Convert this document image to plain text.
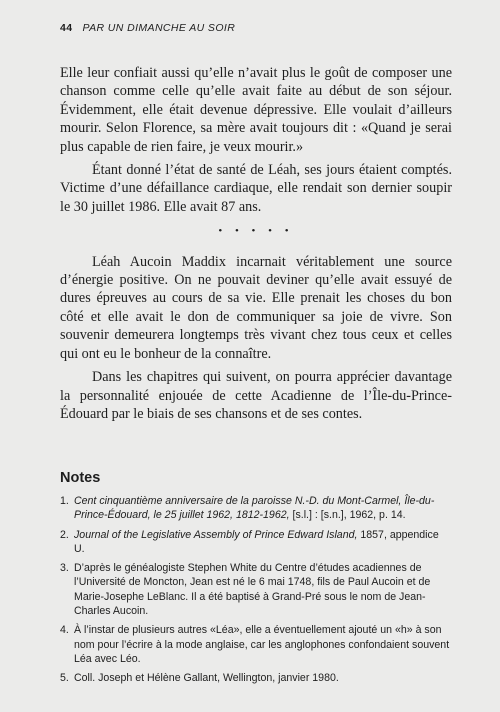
44 PAR UN DIMANCHE AU SOIR

Elle leur confiait aussi qu’elle n’avait plus le goût de composer une chanson comme celle qu’elle avait faite au début de son séjour. Évidemment, elle était devenue dépressive. Elle voulait d’ailleurs mourir. Selon Florence, sa mère avait toujours dit : «Quand je serai plus capable de rien faire, je veux mourir.»

Étant donné l’état de santé de Léah, ses jours étaient comptés. Victime d’une défaillance cardiaque, elle rendait son dernier soupir le 30 juillet 1986. Elle avait 87 ans.

• • • • •

Léah Aucoin Maddix incarnait véritablement une source d’énergie positive. On ne pouvait deviner qu’elle avait essuyé de dures épreuves au cours de sa vie. Elle prenait les choses du bon côté et elle avait le don de communiquer sa joie de vivre. Son souvenir demeurera longtemps très vivant chez tous ceux et celles qui ont eu le bonheur de la connaître.

Dans les chapitres qui suivent, on pourra apprécier davantage la personnalité enjouée de cette Acadienne de l’Île-du-Prince-Édouard par le biais de ses chansons et de ses contes.

Notes
1. Cent cinquantième anniversaire de la paroisse N.-D. du Mont-Carmel, Île-du-Prince-Édouard, le 25 juillet 1962, 1812-1962, [s.l.] : [s.n.], 1962, p. 14.
2. Journal of the Legislative Assembly of Prince Edward Island, 1857, appendice U.
3. D’après le généalogiste Stephen White du Centre d’études acadiennes de l’Université de Moncton, Jean est né le 6 mai 1748, fils de Paul Aucoin et de Marie-Josephe LeBlanc. Il a été baptisé à Grand-Pré sous le nom de Jean-Charles Aucoin.
4. À l’instar de plusieurs autres «Léa», elle a éventuellement ajouté un «h» à son nom pour l’écrire à la mode anglaise, car les anglophones confondaient souvent Léa avec Léo.
5. Coll. Joseph et Hélène Gallant, Wellington, janvier 1980.
